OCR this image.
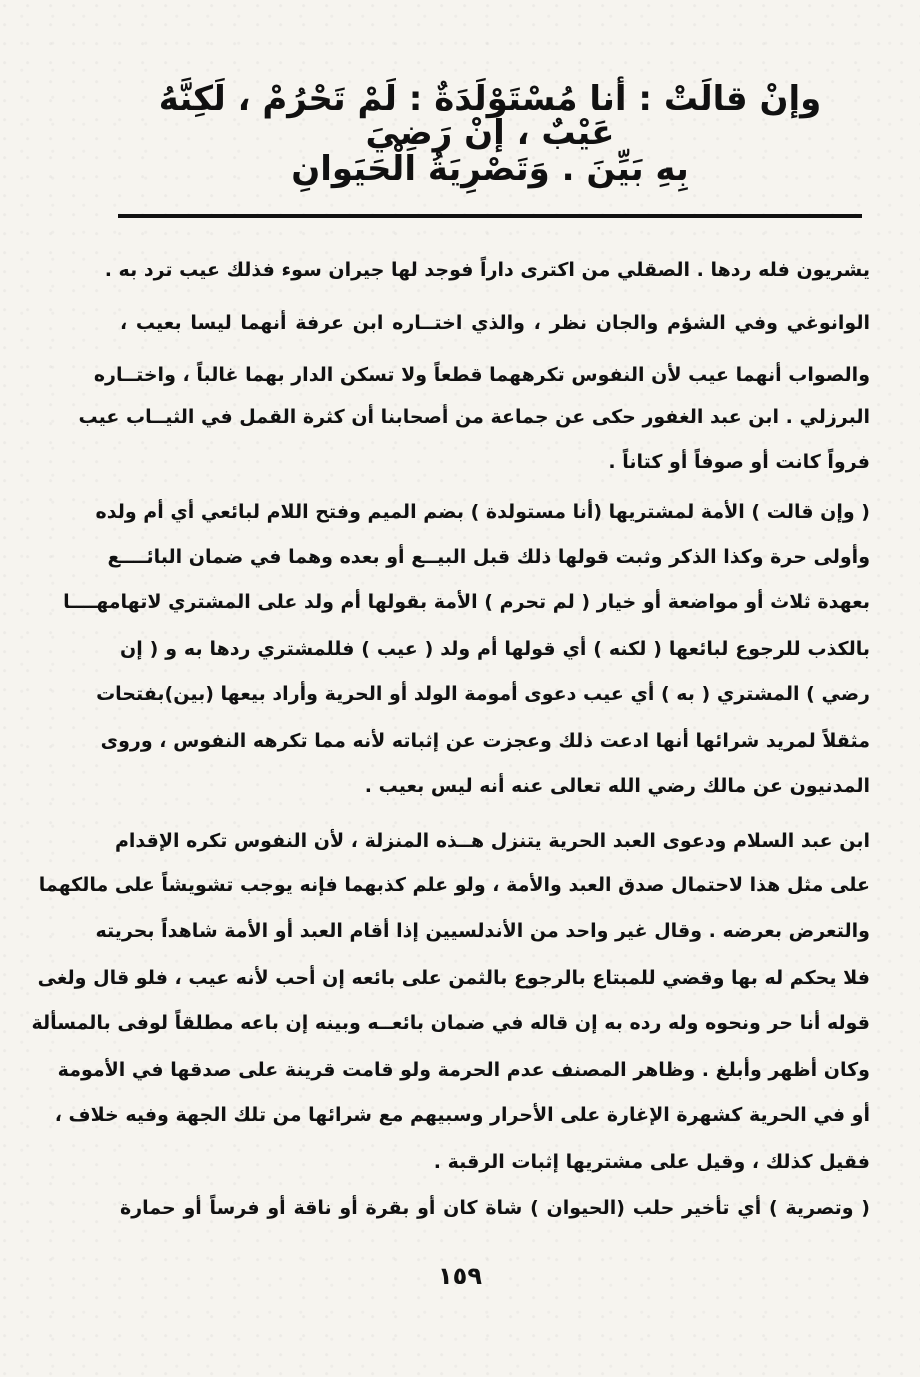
وإنْ قالَتْ : أنا مُسْتَوْلَدَةٌ : لَمْ تَحْرُمْ ، لَكِنَّهُ عَيْبٌ ، إنْ رَضِيَ
بِهِ بَيِّنَ . وَتَصْرِيَةُ الْحَيَوانِ
يشريون فله ردها . الصقلي من اكترى داراً فوجد لها جيران سوء فذلك عيب ترد به .
الوانوغي وفي الشؤم والجان نظر ، والذي اختــاره ابن عرفة أنهما ليسا بعيب ،
والصواب أنهما عيب لأن النفوس تكرههما قطعاً ولا تسكن الدار بهما غالباً ، واختــاره
البرزلي . ابن عبد الغفور حكى عن جماعة من أصحابنا أن كثرة القمل في الثيــاب عيب
فرواً كانت أو صوفاً أو كتاناً .
( وإن قالت ) الأمة لمشتريها (أنا مستولدة ) بضم الميم وفتح اللام لبائعي أي أم ولده
وأولى حرة وكذا الذكر وثبت قولها ذلك قبل البيــع أو بعده وهما في ضمان البائــــع
بعهدة ثلاث أو مواضعة أو خيار ( لم تحرم ) الأمة بقولها أم ولد على المشتري لاتهامهــــا
بالكذب للرجوع لبائعها ( لكنه ) أي قولها أم ولد ( عيب ) فللمشتري ردها به و ( إن
رضي ) المشتري ( به ) أي عيب دعوى أمومة الولد أو الحرية وأراد بيعها (بين)بفتحات
مثقلاً لمريد شرائها أنها ادعت ذلك وعجزت عن إثباته لأنه مما تكرهه النفوس ، وروى
المدنيون عن مالك رضي الله تعالى عنه أنه ليس بعيب .
ابن عبد السلام ودعوى العبد الحرية يتنزل هــذه المنزلة ، لأن النفوس تكره الإقدام
على مثل هذا لاحتمال صدق العبد والأمة ، ولو علم كذبهما فإنه يوجب تشويشاً على مالكهما
والتعرض بعرضه . وقال غير واحد من الأندلسيين إذا أقام العبد أو الأمة شاهداً بحريته
فلا يحكم له بها وقضي للمبتاع بالرجوع بالثمن على بائعه إن أحب لأنه عيب ، فلو قال ولغى
قوله أنا حر ونحوه وله رده به إن قاله في ضمان بائعــه وبينه إن باعه مطلقاً لوفى بالمسألة
وكان أظهر وأبلغ . وظاهر المصنف عدم الحرمة ولو قامت قرينة على صدقها في الأمومة
أو في الحرية كشهرة الإغارة على الأحرار وسبيهم مع شرائها من تلك الجهة وفيه خلاف ،
فقيل كذلك ، وقيل على مشتريها إثبات الرقبة .
( وتصرية ) أي تأخير حلب (الحيوان ) شاة كان أو بقرة أو ناقة أو فرساً أو حمارة
١٥٩
